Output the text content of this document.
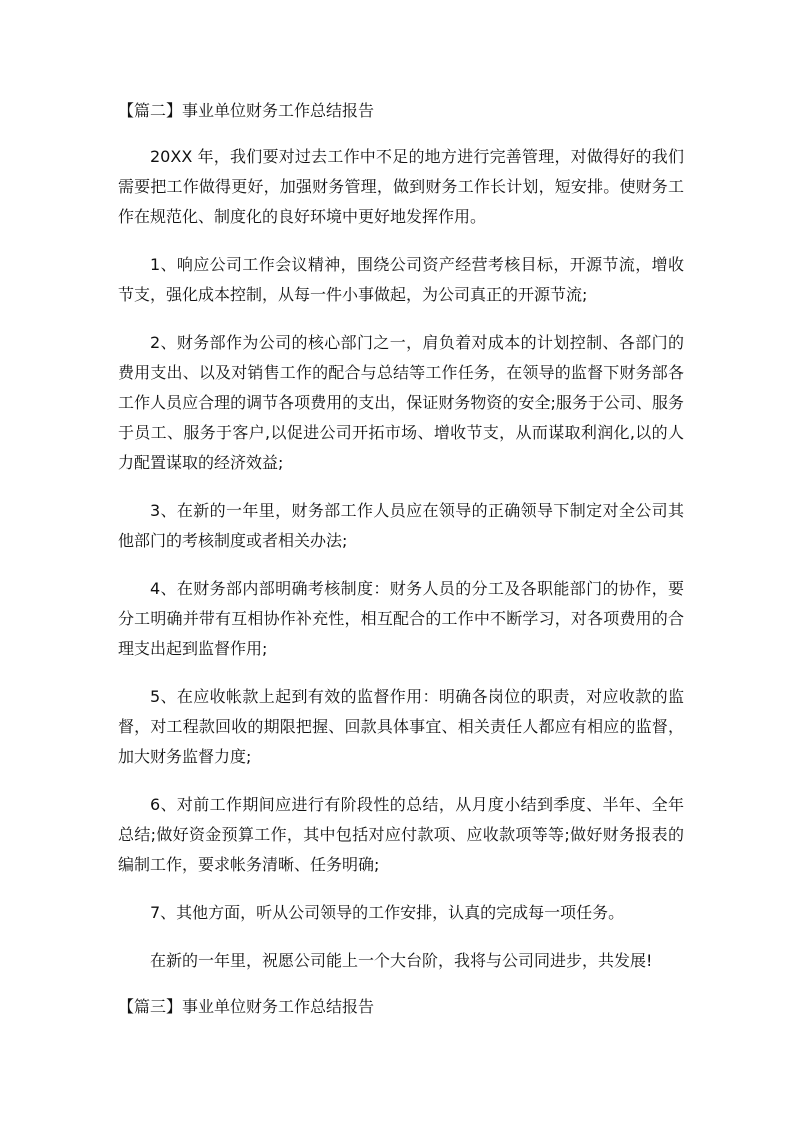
【篇二】事业单位财务工作总结报告

20XX 年，我们要对过去工作中不足的地方进行完善管理，对做得好的我们需要把工作做得更好，加强财务管理，做到财务工作长计划，短安排。使财务工作在规范化、制度化的良好环境中更好地发挥作用。

1、响应公司工作会议精神，围绕公司资产经营考核目标，开源节流，增收节支，强化成本控制，从每一件小事做起，为公司真正的开源节流;

2、财务部作为公司的核心部门之一，肩负着对成本的计划控制、各部门的费用支出、以及对销售工作的配合与总结等工作任务，在领导的监督下财务部各工作人员应合理的调节各项费用的支出，保证财务物资的安全;服务于公司、服务于员工、服务于客户,以促进公司开拓市场、增收节支，从而谋取利润化,以的人力配置谋取的经济效益;

3、在新的一年里，财务部工作人员应在领导的正确领导下制定对全公司其他部门的考核制度或者相关办法;

4、在财务部内部明确考核制度：财务人员的分工及各职能部门的协作，要分工明确并带有互相协作补充性，相互配合的工作中不断学习，对各项费用的合理支出起到监督作用;

5、在应收帐款上起到有效的监督作用：明确各岗位的职责，对应收款的监督，对工程款回收的期限把握、回款具体事宜、相关责任人都应有相应的监督，加大财务监督力度;

6、对前工作期间应进行有阶段性的总结，从月度小结到季度、半年、全年总结;做好资金预算工作，其中包括对应付款项、应收款项等等;做好财务报表的编制工作，要求帐务清晰、任务明确;

7、其他方面，听从公司领导的工作安排，认真的完成每一项任务。

在新的一年里，祝愿公司能上一个大台阶，我将与公司同进步，共发展!

【篇三】事业单位财务工作总结报告
